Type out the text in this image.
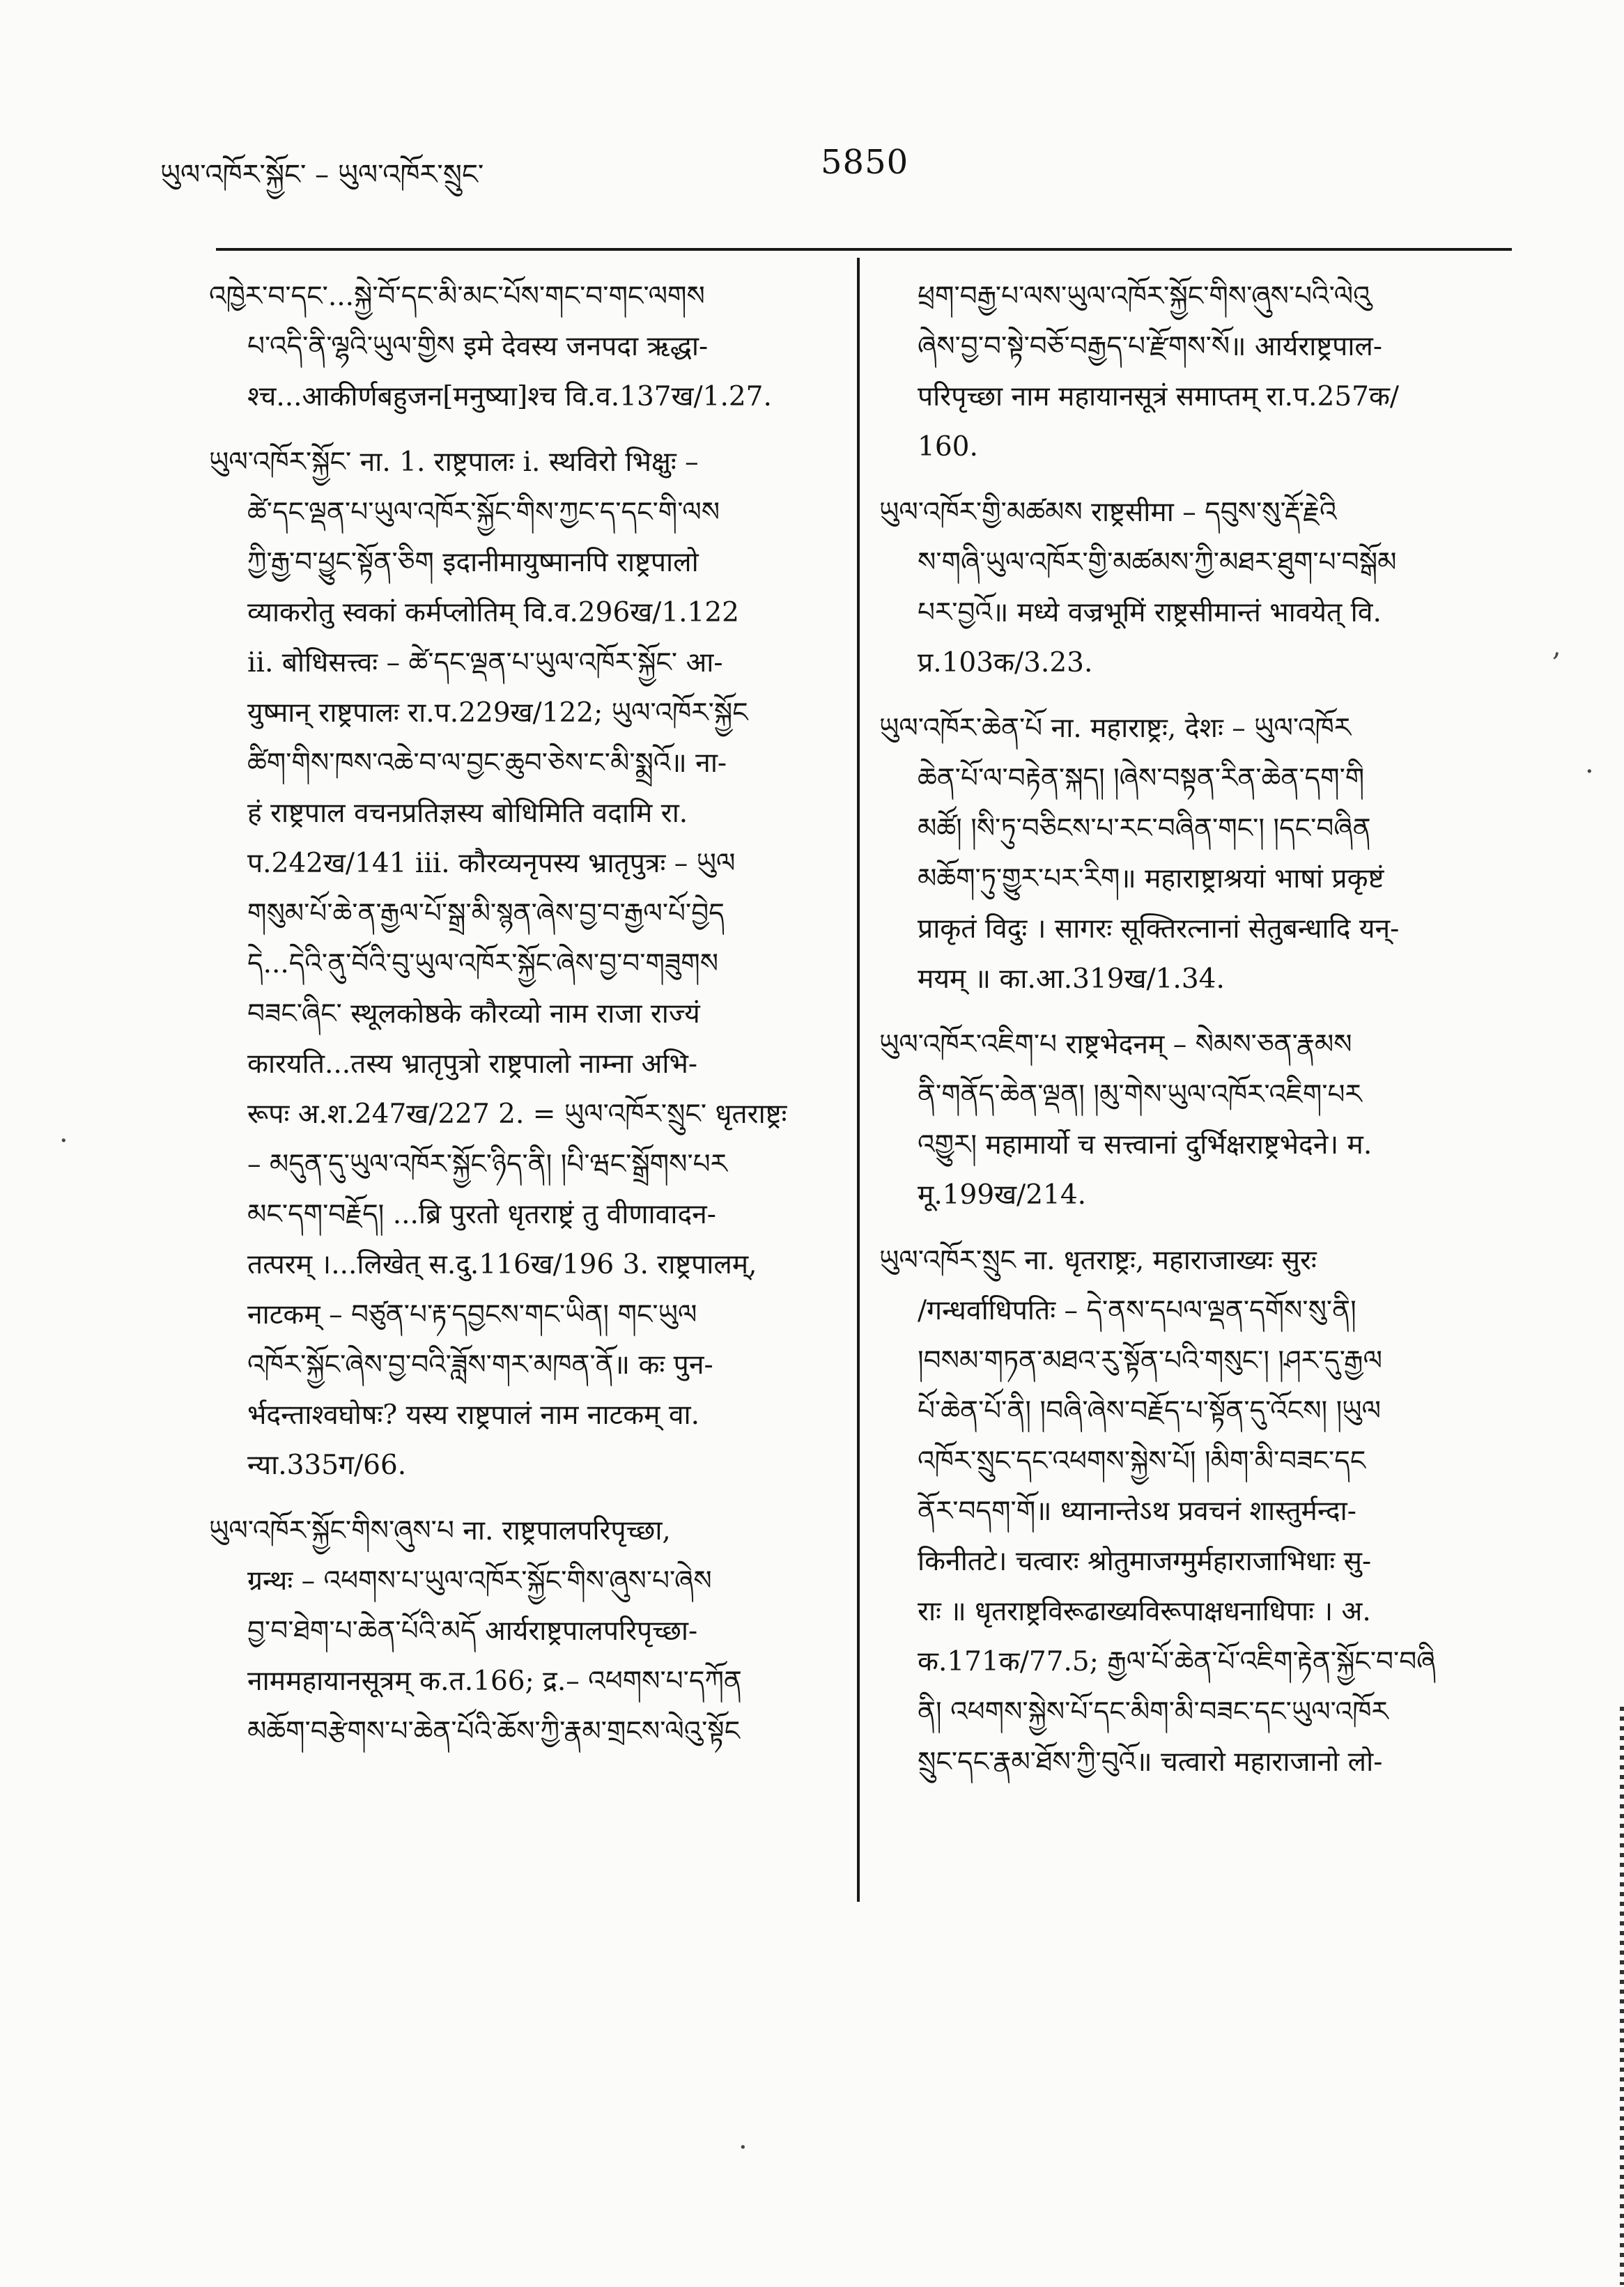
ཡུལ་འཁོར་སྐྱོང་ – ཡུལ་འཁོར་སྲུང་	5850
འཁྱེར་བ་དང་...སྐྱེ་བོ་དང་མི་མང་པོས་གང་བ་གང་ལགས
པ་འདི་ནི་ལྷའི་ཡུལ་གྱིས इमे देवस्य जनपदा ऋद्धा-
श्च...आकीर्णबहुजन[मनुष्या]श्च वि.व.137ख/1.27.
ཡུལ་འཁོར་སྐྱོང་ ना. 1. राष्ट्रपालः i. स्थविरो भिक्षुः –
ཚེ་དང་ལྡན་པ་ཡུལ་འཁོར་སྐྱོང་གིས་ཀྱང་ད་དང་གི་ལས
ཀྱི་རྒྱ་བ་ཕྱུང་སྟོན་ཅིག इदानीमायुष्मानपि राष्ट्रपालो
व्याकरोतु स्वकां कर्मप्लोतिम् वि.व.296ख/1.122
ii. बोधिसत्त्वः – ཚེ་དང་ལྡན་པ་ཡུལ་འཁོར་སྐྱོང་ आ-
युष्मान् राष्ट्रपालः रा.प.229ख/122; ཡུལ་འཁོར་སྐྱོང
ཚིག་གིས་ཁས་འཆེ་བ་ལ་བྱང་ཆུབ་ཅེས་ང་མི་སྨྲའོ॥ ना-
हं राष्ट्रपाल वचनप्रतिज्ञस्य बोधिमिति वदामि रा.
प.242ख/141 iii. कौरव्यनृपस्य भ्रातृपुत्रः – ཡུལ
གསུམ་པོ་ཆེ་ན་རྒྱལ་པོ་སྒྲ་མི་སྙན་ཞེས་བྱ་བ་རྒྱལ་པོ་བྱེད
དེ...དེའི་ནུ་བོའི་བུ་ཡུལ་འཁོར་སྐྱོང་ཞེས་བྱ་བ་གཟུགས
བཟང་ཞིང་ स्थूलकोष्ठके कौरव्यो नाम राजा राज्यं
कारयति...तस्य भ्रातृपुत्रो राष्ट्रपालो नाम्ना अभि-
रूपः अ.श.247ख/227 2. = ཡུལ་འཁོར་སྲུང་ धृतराष्ट्रः
– མདུན་དུ་ཡུལ་འཁོར་སྐྱོང་ཉིད་ནི། །པི་ཝང་སྒྲོགས་པར
མང་དག་བརྗོད། ...ब्रि पुरतो धृतराष्ट्रं तु वीणावादन-
तत्परम् ।...लिखेत् स.दु.116ख/196 3. राष्ट्रपालम्,
नाटकम् – བཙུན་པ་རྟ་དབྱངས་གང་ཡིན། གང་ཡུལ
འཁོར་སྐྱོང་ཞེས་བྱ་བའི་ཟློས་གར་མཁན་ནོ॥ कः पुन-
र्भदन्ताश्वघोषः? यस्य राष्ट्रपालं नाम नाटकम् वा.
न्या.335ग/66.
ཡུལ་འཁོར་སྐྱོང་གིས་ཞུས་པ ना. राष्ट्रपालपरिपृच्छा,
ग्रन्थः – འཕགས་པ་ཡུལ་འཁོར་སྐྱོང་གིས་ཞུས་པ་ཞེས
བྱ་བ་ཐེག་པ་ཆེན་པོའི་མདོ आर्यराष्ट्रपालपरिपृच्छा-
नाममहायानसूत्रम् क.त.166; द्र.– འཕགས་པ་དཀོན
མཆོག་བརྩེགས་པ་ཆེན་པོའི་ཆོས་ཀྱི་རྣམ་གྲངས་ལེའུ་སྟོང
ཕྲག་བརྒྱ་པ་ལས་ཡུལ་འཁོར་སྐྱོང་གིས་ཞུས་པའི་ལེའུ
ཞེས་བྱ་བ་སྟེ་བཅོ་བརྒྱད་པ་རྫོགས་སོ॥ आर्यराष्ट्रपाल-
परिपृच्छा नाम महायानसूत्रं समाप्तम् रा.प.257क/
160.
ཡུལ་འཁོར་གྱི་མཚམས राष्ट्रसीमा – དབུས་སུ་རྡོ་རྗེའི
ས་གཞི་ཡུལ་འཁོར་གྱི་མཚམས་ཀྱི་མཐར་ཐུག་པ་བསྒོམ
པར་བྱའོ॥ मध्ये वज्रभूमिं राष्ट्रसीमान्तं भावयेत् वि.
प्र.103क/3.23.
ཡུལ་འཁོར་ཆེན་པོ ना. महाराष्ट्रः, देशः – ཡུལ་འཁོར
ཆེན་པོ་ལ་བརྟེན་སྐད། །ཞེས་བསྟན་རིན་ཆེན་དག་གི
མཚོ། །སི་ཏུ་བཅིངས་པ་རང་བཞིན་གང་། །དང་བཞིན
མཆོག་ཏུ་གྱུར་པར་རིག॥ महाराष्ट्राश्रयां भाषां प्रकृष्टं
प्राकृतं विदुः । सागरः सूक्तिरत्नानां सेतुबन्धादि यन्-
मयम् ॥ का.आ.319ख/1.34.
ཡུལ་འཁོར་འཇིག་པ राष्ट्रभेदनम् – སེམས་ཅན་རྣམས
ནི་གནོད་ཆེན་ལྡན། །མུ་གེས་ཡུལ་འཁོར་འཇིག་པར
འགྱུར། महामार्यो च सत्त्वानां दुर्भिक्षराष्ट्रभेदने। म.
मू.199ख/214.
ཡུལ་འཁོར་སྲུང ना. धृतराष्ट्रः, महाराजाख्यः सुरः
/गन्धर्वाधिपतिः – དེ་ནས་དཔལ་ལྡན་དགོས་སུ་ནི།
།བསམ་གཏན་མཐའ་རུ་སྟོན་པའི་གསུང་། །ཤར་དུ་རྒྱལ
པོ་ཆེན་པོ་ནི། །བཞི་ཞེས་བརྗོད་པ་སྟོན་དུ་འོངས། །ཡུལ
འཁོར་སྲུང་དང་འཕགས་སྐྱེས་པོ། །མིག་མི་བཟང་དང
ནོར་བདག་གོ॥ ध्यानान्तेऽथ प्रवचनं शास्तुर्मन्दा-
किनीतटे। चत्वारः श्रोतुमाजग्मुर्महाराजाभिधाः सु-
राः ॥ धृतराष्ट्रविरूढाख्यविरूपाक्षधनाधिपाः । अ.
क.171क/77.5; རྒྱལ་པོ་ཆེན་པོ་འཇིག་རྟེན་སྐྱོང་བ་བཞི
ནི། འཕགས་སྐྱེས་པོ་དང་མིག་མི་བཟང་དང་ཡུལ་འཁོར
སྲུང་དང་རྣམ་ཐོས་ཀྱི་བུའོ॥ चत्वारो महाराजानो लो-
·
,
·
·
